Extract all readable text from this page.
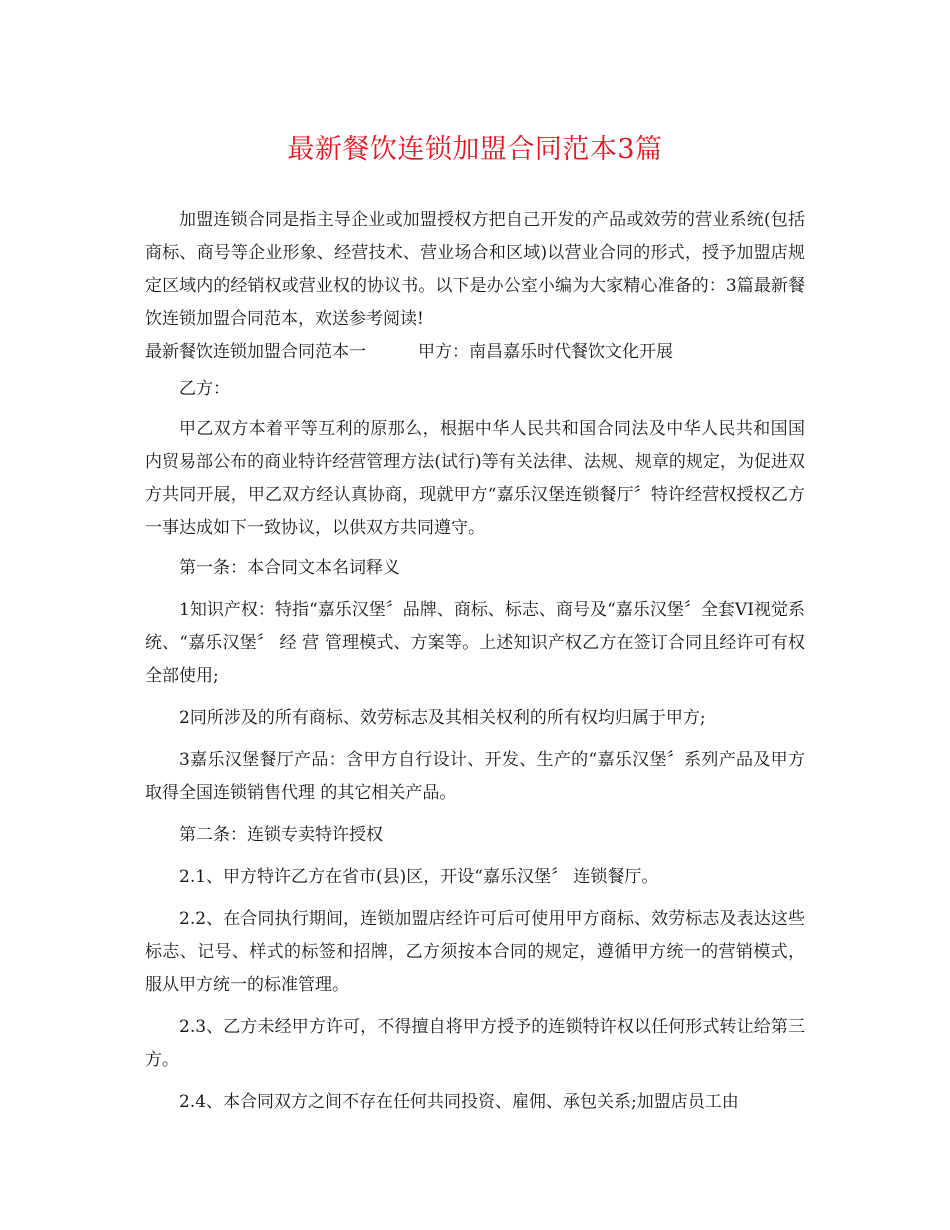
最新餐饮连锁加盟合同范本3篇

加盟连锁合同是指主导企业或加盟授权方把自己开发的产品或效劳的营业系统(包括商标、商号等企业形象、经营技术、营业场合和区域)以营业合同的形式，授予加盟店规定区域内的经销权或营业权的协议书。以下是办公室小编为大家精心准备的：3篇最新餐饮连锁加盟合同范本，欢送参考阅读!

最新餐饮连锁加盟合同范本一	甲方：南昌嘉乐时代餐饮文化开展

乙方：

甲乙双方本着平等互利的原那么，根据中华人民共和国合同法及中华人民共和国国内贸易部公布的商业特许经营管理方法(试行)等有关法律、法规、规章的规定，为促进双方共同开展，甲乙双方经认真协商，现就甲方“嘉乐汉堡连锁餐厅〞特许经营权授权乙方一事达成如下一致协议，以供双方共同遵守。

第一条：本合同文本名词释义

1知识产权：特指“嘉乐汉堡〞品牌、商标、标志、商号及“嘉乐汉堡〞全套VI视觉系统、“嘉乐汉堡〞 经 营 管理模式、方案等。上述知识产权乙方在签订合同且经许可有权全部使用;

2同所涉及的所有商标、效劳标志及其相关权利的所有权均归属于甲方;

3嘉乐汉堡餐厅产品：含甲方自行设计、开发、生产的“嘉乐汉堡〞系列产品及甲方取得全国连锁销售代理 的其它相关产品。

第二条：连锁专卖特许授权

2.1、甲方特许乙方在省市(县)区，开设“嘉乐汉堡〞 连锁餐厅。

2.2、在合同执行期间，连锁加盟店经许可后可使用甲方商标、效劳标志及表达这些标志、记号、样式的标签和招牌，乙方须按本合同的规定，遵循甲方统一的营销模式，服从甲方统一的标准管理。

2.3、乙方未经甲方许可，不得擅自将甲方授予的连锁特许权以任何形式转让给第三方。

2.4、本合同双方之间不存在任何共同投资、雇佣、承包关系;加盟店员工由
